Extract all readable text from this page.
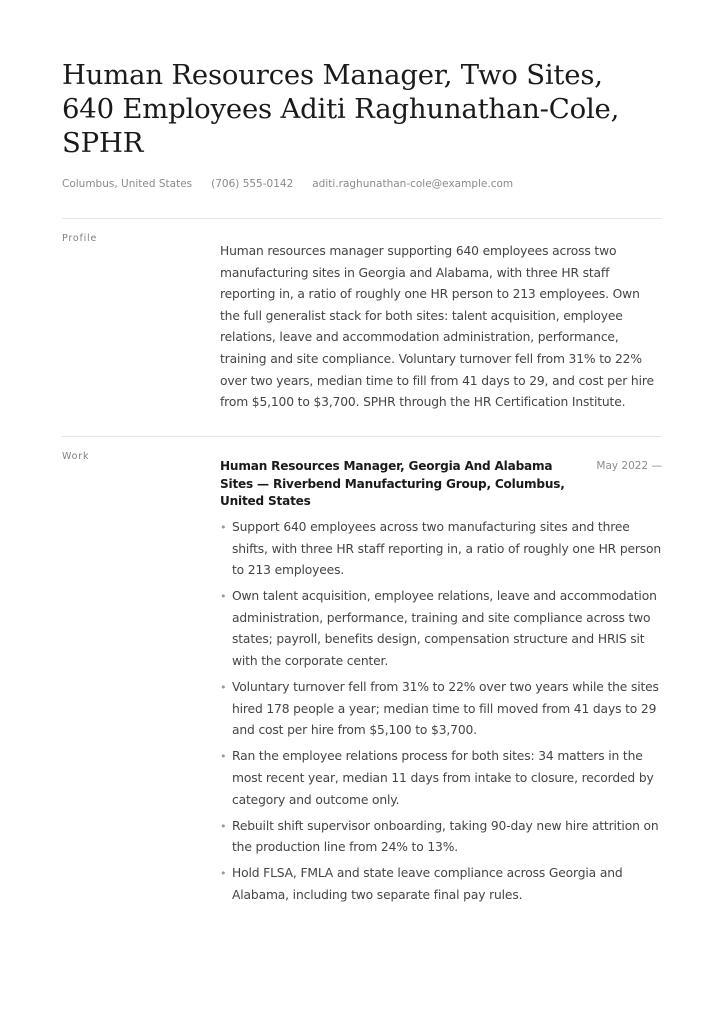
Human Resources Manager, Two Sites, 640 Employees Aditi Raghunathan-Cole, SPHR
Columbus, United States (706) 555-0142 aditi.raghunathan-cole@example.com
Profile

Human resources manager supporting 640 employees across two manufacturing sites in Georgia and Alabama, with three HR staff reporting in, a ratio of roughly one HR person to 213 employees. Own the full generalist stack for both sites: talent acquisition, employee relations, leave and accommodation administration, performance, training and site compliance. Voluntary turnover fell from 31% to 22% over two years, median time to fill from 41 days to 29, and cost per hire from $5,100 to $3,700. SPHR through the HR Certification Institute.

Work

Human Resources Manager, Georgia And Alabama Sites — Riverbend Manufacturing Group, Columbus, United States

May 2022 —
• Support 640 employees across two manufacturing sites and three shifts, with three HR staff reporting in, a ratio of roughly one HR person to 213 employees.
• Own talent acquisition, employee relations, leave and accommodation administration, performance, training and site compliance across two states; payroll, benefits design, compensation structure and HRIS sit with the corporate center.
• Voluntary turnover fell from 31% to 22% over two years while the sites hired 178 people a year; median time to fill moved from 41 days to 29 and cost per hire from $5,100 to $3,700.
• Ran the employee relations process for both sites: 34 matters in the most recent year, median 11 days from intake to closure, recorded by category and outcome only.
• Rebuilt shift supervisor onboarding, taking 90-day new hire attrition on the production line from 24% to 13%.
• Hold FLSA, FMLA and state leave compliance across Georgia and Alabama, including two separate final pay rules.
